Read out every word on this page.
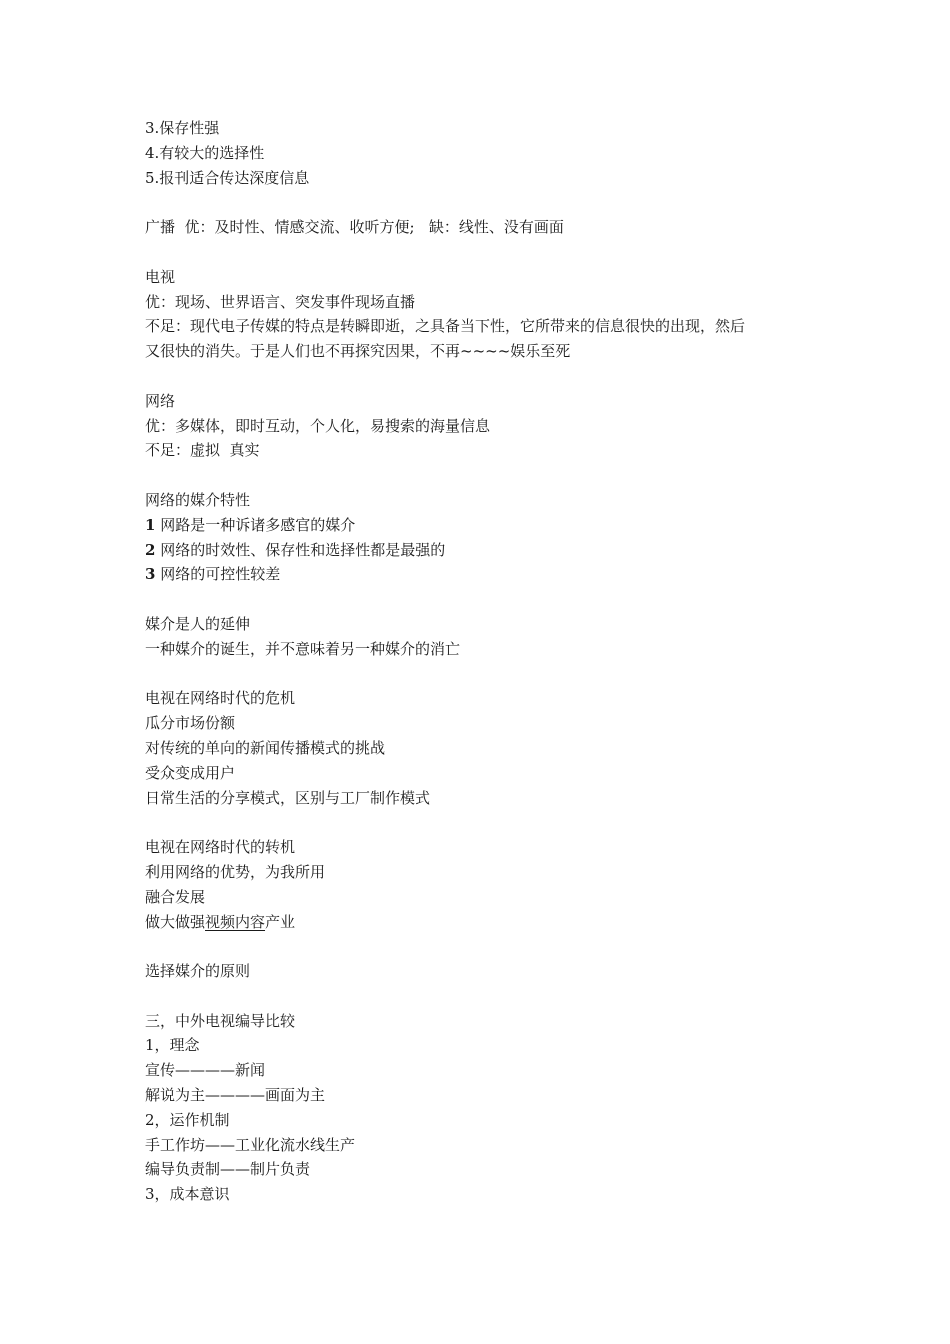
3.保存性强
4.有较大的选择性
5.报刊适合传达深度信息
广播  优：及时性、情感交流、收听方便;   缺：线性、没有画面
电视
优：现场、世界语言、突发事件现场直播
不足：现代电子传媒的特点是转瞬即逝，之具备当下性，它所带来的信息很快的出现，然后
又很快的消失。于是人们也不再探究因果，不再~~~~娱乐至死
网络
优：多媒体，即时互动，个人化，易搜索的海量信息
不足：虚拟  真实
网络的媒介特性
1 网路是一种诉诸多感官的媒介
2 网络的时效性、保存性和选择性都是最强的
3 网络的可控性较差
媒介是人的延伸
一种媒介的诞生，并不意味着另一种媒介的消亡
电视在网络时代的危机
瓜分市场份额
对传统的单向的新闻传播模式的挑战
受众变成用户
日常生活的分享模式，区别与工厂制作模式
电视在网络时代的转机
利用网络的优势，为我所用
融合发展
做大做强视频内容产业
选择媒介的原则
三，中外电视编导比较
1，理念
宣传————新闻
解说为主————画面为主
2，运作机制
手工作坊——工业化流水线生产
编导负责制——制片负责
3，成本意识
